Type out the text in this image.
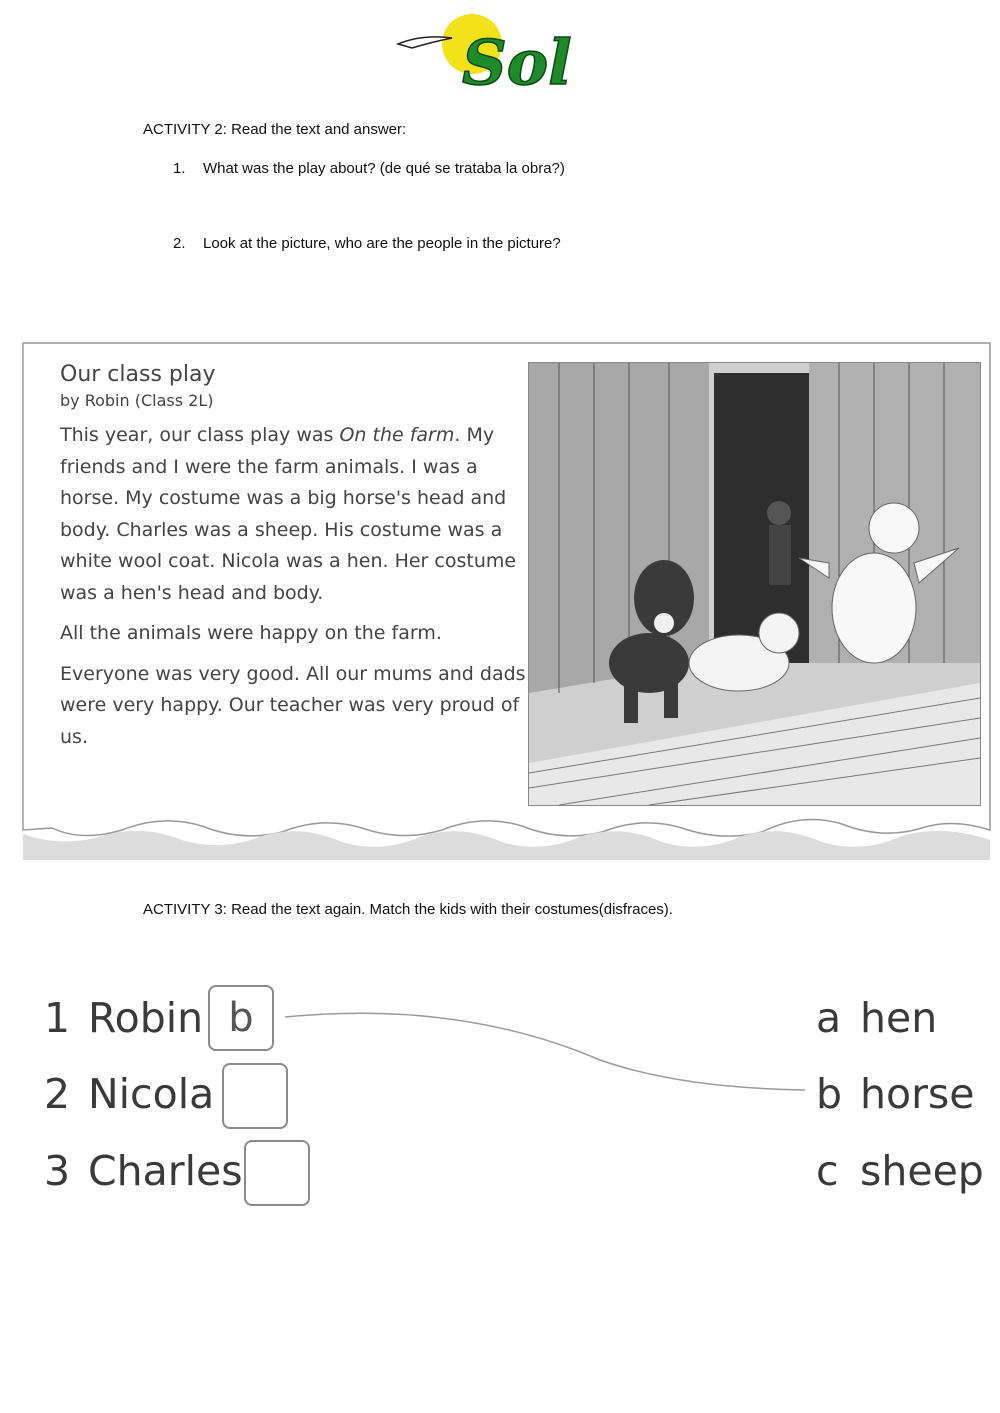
Sol
ACTIVITY 2: Read the text and answer:
1. What was the play about? (de qué se trataba la obra?)
2. Look at the picture, who are the people in the picture?
Our class play
by Robin (Class 2L)

This year, our class play was On the farm. My friends and I were the farm animals. I was a horse. My costume was a big horse's head and body. Charles was a sheep. His costume was a white wool coat. Nicola was a hen. Her costume was a hen's head and body.

All the animals were happy on the farm.

Everyone was very good. All our mums and dads were very happy. Our teacher was very proud of us.

ACTIVITY 3: Read the text again. Match the kids with their costumes(disfraces).
1 Robin b
2 Nicola
3 Charles
a hen
b horse
c sheep
